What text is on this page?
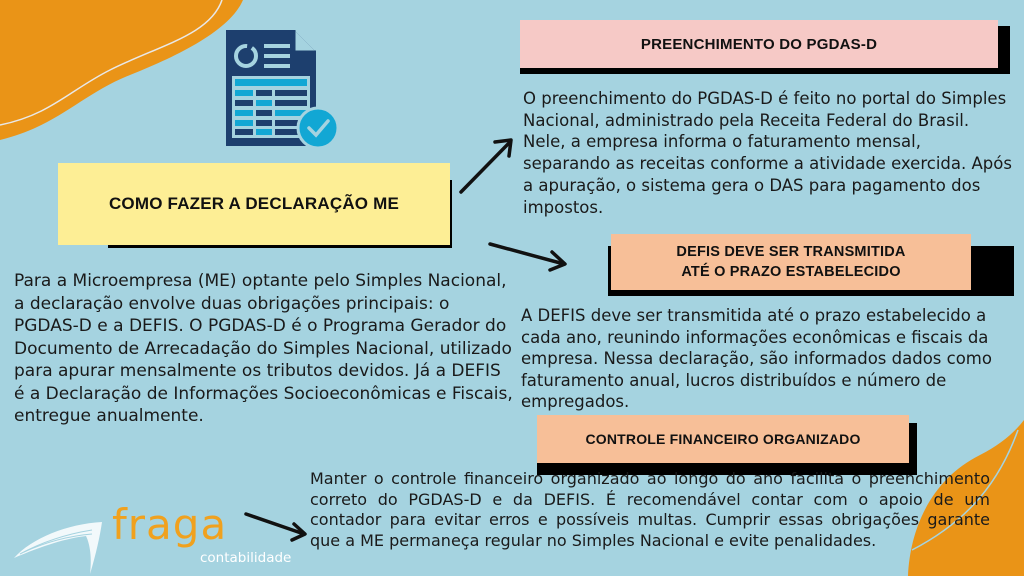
COMO FAZER A DECLARAÇÃO ME
Para a Microempresa (ME) optante pelo Simples Nacional, a declaração envolve duas obrigações principais: o PGDAS-D e a DEFIS. O PGDAS-D é o Programa Gerador do Documento de Arrecadação do Simples Nacional, utilizado para apurar mensalmente os tributos devidos. Já a DEFIS é a Declaração de Informações Socioeconômicas e Fiscais, entregue anualmente.
PREENCHIMENTO DO PGDAS-D
O preenchimento do PGDAS-D é feito no portal do Simples Nacional, administrado pela Receita Federal do Brasil. Nele, a empresa informa o faturamento mensal, separando as receitas conforme a atividade exercida. Após a apuração, o sistema gera o DAS para pagamento dos impostos.
DEFIS DEVE SER TRANSMITIDA
ATÉ O PRAZO ESTABELECIDO
A DEFIS deve ser transmitida até o prazo estabelecido a cada ano, reunindo informações econômicas e fiscais da empresa. Nessa declaração, são informados dados como faturamento anual, lucros distribuídos e número de empregados.
CONTROLE FINANCEIRO ORGANIZADO
Manter o controle financeiro organizado ao longo do ano facilita o preenchimento correto do PGDAS-D e da DEFIS. É recomendável contar com o apoio de um contador para evitar erros e possíveis multas. Cumprir essas obrigações garante que a ME permaneça regular no Simples Nacional e evite penalidades.
fraga
contabilidade
